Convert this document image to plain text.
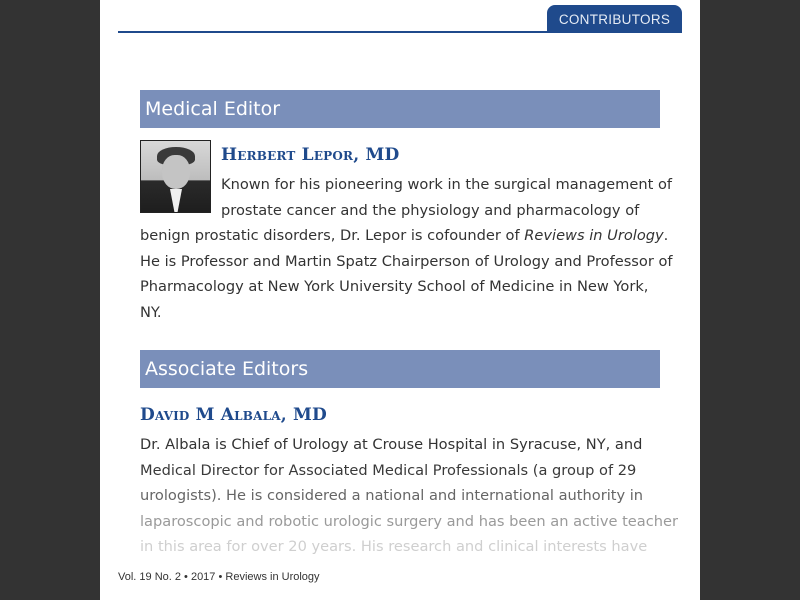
CONTRIBUTORS
Medical Editor
Herbert Lepor, MD
Known for his pioneering work in the surgical management of
prostate cancer and the physiology and pharmacology of
benign prostatic disorders, Dr. Lepor is cofounder of Reviews in Urology.
He is Professor and Martin Spatz Chairperson of Urology and Professor of
Pharmacology at New York University School of Medicine in New York,
NY.
Associate Editors
David M Albala, MD
Dr. Albala is Chief of Urology at Crouse Hospital in Syracuse, NY, and
Medical Director for Associated Medical Professionals (a group of 29
urologists). He is considered a national and international authority in
laparoscopic and robotic urologic surgery and has been an active teacher
in this area for over 20 years. His research and clinical interests have
Vol. 19 No. 2 • 2017 • Reviews in Urology
